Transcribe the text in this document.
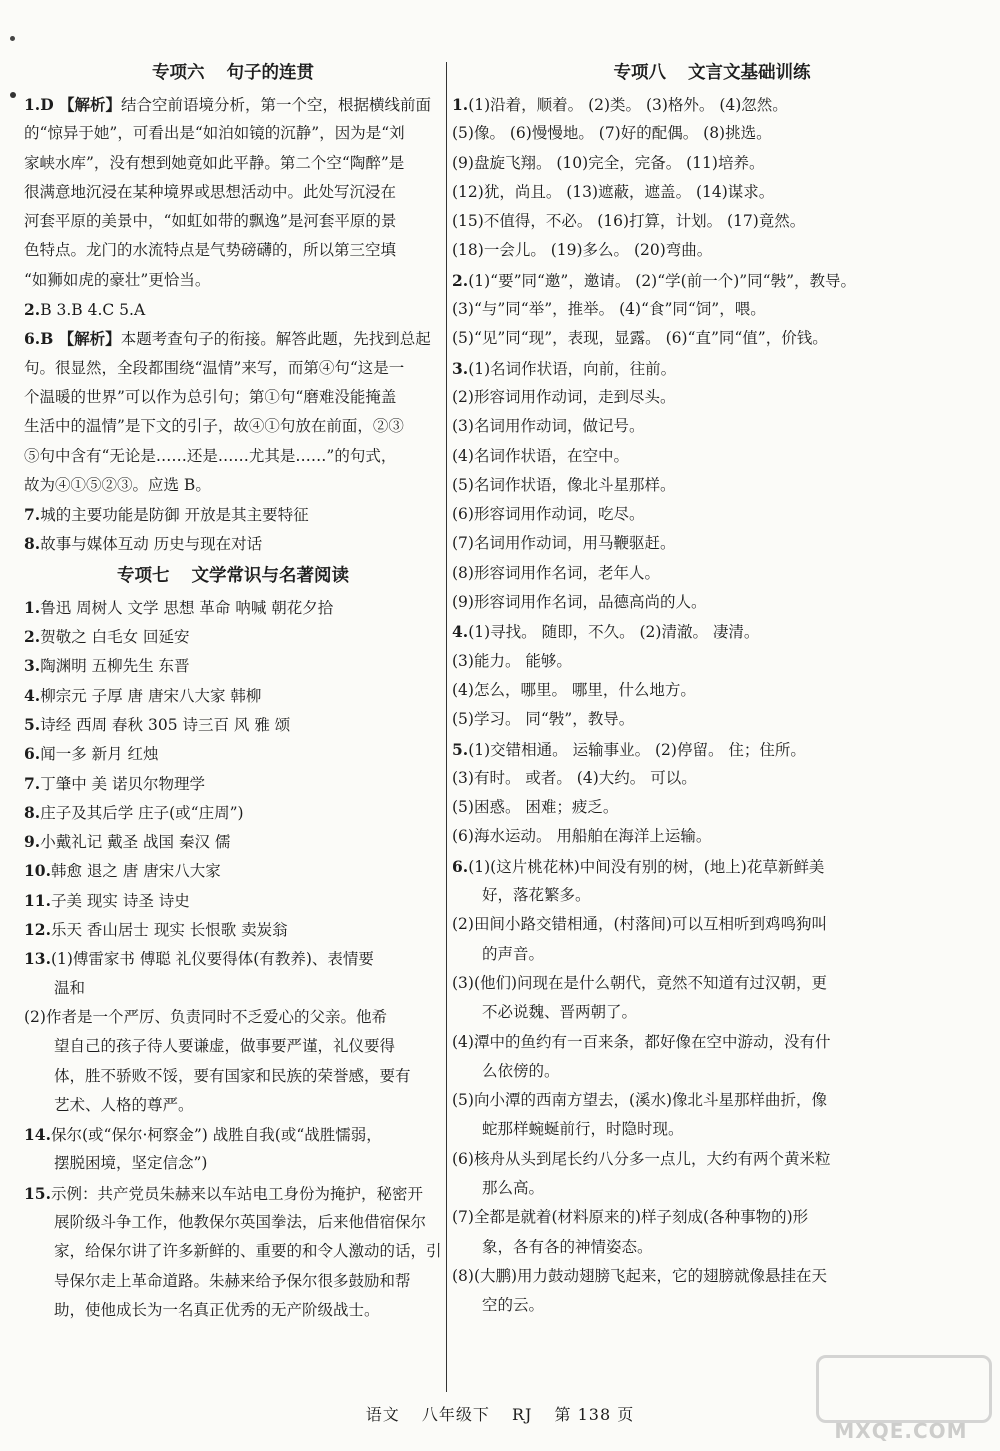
专项六 句子的连贯
1.D 【解析】结合空前语境分析，第一个空，根据横线前面
的“惊异于她”，可看出是“如泊如镜的沉静”，因为是“刘
家峡水库”，没有想到她竟如此平静。第二个空“陶醉”是
很满意地沉浸在某种境界或思想活动中。此处写沉浸在
河套平原的美景中，“如虹如带的飘逸”是河套平原的景
色特点。龙门的水流特点是气势磅礴的，所以第三空填
“如狮如虎的豪壮”更恰当。
2.B 3.B 4.C 5.A
6.B 【解析】本题考查句子的衔接。解答此题，先找到总起
句。很显然，全段都围绕“温情”来写，而第④句“这是一
个温暖的世界”可以作为总引句；第①句“磨难没能掩盖
生活中的温情”是下文的引子，故④①句放在前面，②③
⑤句中含有“无论是……还是……尤其是……”的句式，
故为④①⑤②③。应选 B。
7.城的主要功能是防御 开放是其主要特征
8.故事与媒体互动 历史与现在对话
专项七 文学常识与名著阅读
1.鲁迅 周树人 文学 思想 革命 呐喊 朝花夕拾
2.贺敬之 白毛女 回延安
3.陶渊明 五柳先生 东晋
4.柳宗元 子厚 唐 唐宋八大家 韩柳
5.诗经 西周 春秋 305 诗三百 风 雅 颂
6.闻一多 新月 红烛
7.丁肇中 美 诺贝尔物理学
8.庄子及其后学 庄子(或“庄周”)
9.小戴礼记 戴圣 战国 秦汉 儒
10.韩愈 退之 唐 唐宋八大家
11.子美 现实 诗圣 诗史
12.乐天 香山居士 现实 长恨歌 卖炭翁
13.(1)傅雷家书 傅聪 礼仪要得体(有教养)、表情要
温和
(2)作者是一个严厉、负责同时不乏爱心的父亲。他希
望自己的孩子待人要谦虚，做事要严谨，礼仪要得
体，胜不骄败不馁，要有国家和民族的荣誉感，要有
艺术、人格的尊严。
14.保尔(或“保尔·柯察金”) 战胜自我(或“战胜懦弱，
摆脱困境，坚定信念”)
15.示例：共产党员朱赫来以车站电工身份为掩护，秘密开
展阶级斗争工作，他教保尔英国拳法，后来他借宿保尔
家，给保尔讲了许多新鲜的、重要的和令人激动的话，引
导保尔走上革命道路。朱赫来给予保尔很多鼓励和帮
助，使他成长为一名真正优秀的无产阶级战士。
专项八 文言文基础训练
1.(1)沿着，顺着。 (2)类。 (3)格外。 (4)忽然。
(5)像。 (6)慢慢地。 (7)好的配偶。 (8)挑选。
(9)盘旋飞翔。 (10)完全，完备。 (11)培养。
(12)犹，尚且。 (13)遮蔽，遮盖。 (14)谋求。
(15)不值得，不必。 (16)打算，计划。 (17)竟然。
(18)一会儿。 (19)多么。 (20)弯曲。
2.(1)“要”同“邀”，邀请。 (2)“学(前一个)”同“斅”，教导。
(3)“与”同“举”，推举。 (4)“食”同“饲”，喂。
(5)“见”同“现”，表现，显露。 (6)“直”同“值”，价钱。
3.(1)名词作状语，向前，往前。
(2)形容词用作动词，走到尽头。
(3)名词用作动词，做记号。
(4)名词作状语，在空中。
(5)名词作状语，像北斗星那样。
(6)形容词用作动词，吃尽。
(7)名词用作动词，用马鞭驱赶。
(8)形容词用作名词，老年人。
(9)形容词用作名词，品德高尚的人。
4.(1)寻找。 随即，不久。 (2)清澈。 凄清。
(3)能力。 能够。
(4)怎么，哪里。 哪里，什么地方。
(5)学习。 同“斅”，教导。
5.(1)交错相通。 运输事业。 (2)停留。 住；住所。
(3)有时。 或者。 (4)大约。 可以。
(5)困惑。 困难；疲乏。
(6)海水运动。 用船舶在海洋上运输。
6.(1)(这片桃花林)中间没有别的树，(地上)花草新鲜美
好，落花繁多。
(2)田间小路交错相通，(村落间)可以互相听到鸡鸣狗叫
的声音。
(3)(他们)问现在是什么朝代，竟然不知道有过汉朝，更
不必说魏、晋两朝了。
(4)潭中的鱼约有一百来条，都好像在空中游动，没有什
么依傍的。
(5)向小潭的西南方望去，(溪水)像北斗星那样曲折，像
蛇那样蜿蜒前行，时隐时现。
(6)核舟从头到尾长约八分多一点儿，大约有两个黄米粒
那么高。
(7)全都是就着(材料原来的)样子刻成(各种事物的)形
象，各有各的神情姿态。
(8)(大鹏)用力鼓动翅膀飞起来，它的翅膀就像悬挂在天
空的云。
语文 八年级下 RJ 第 138 页
MXQE.COM
